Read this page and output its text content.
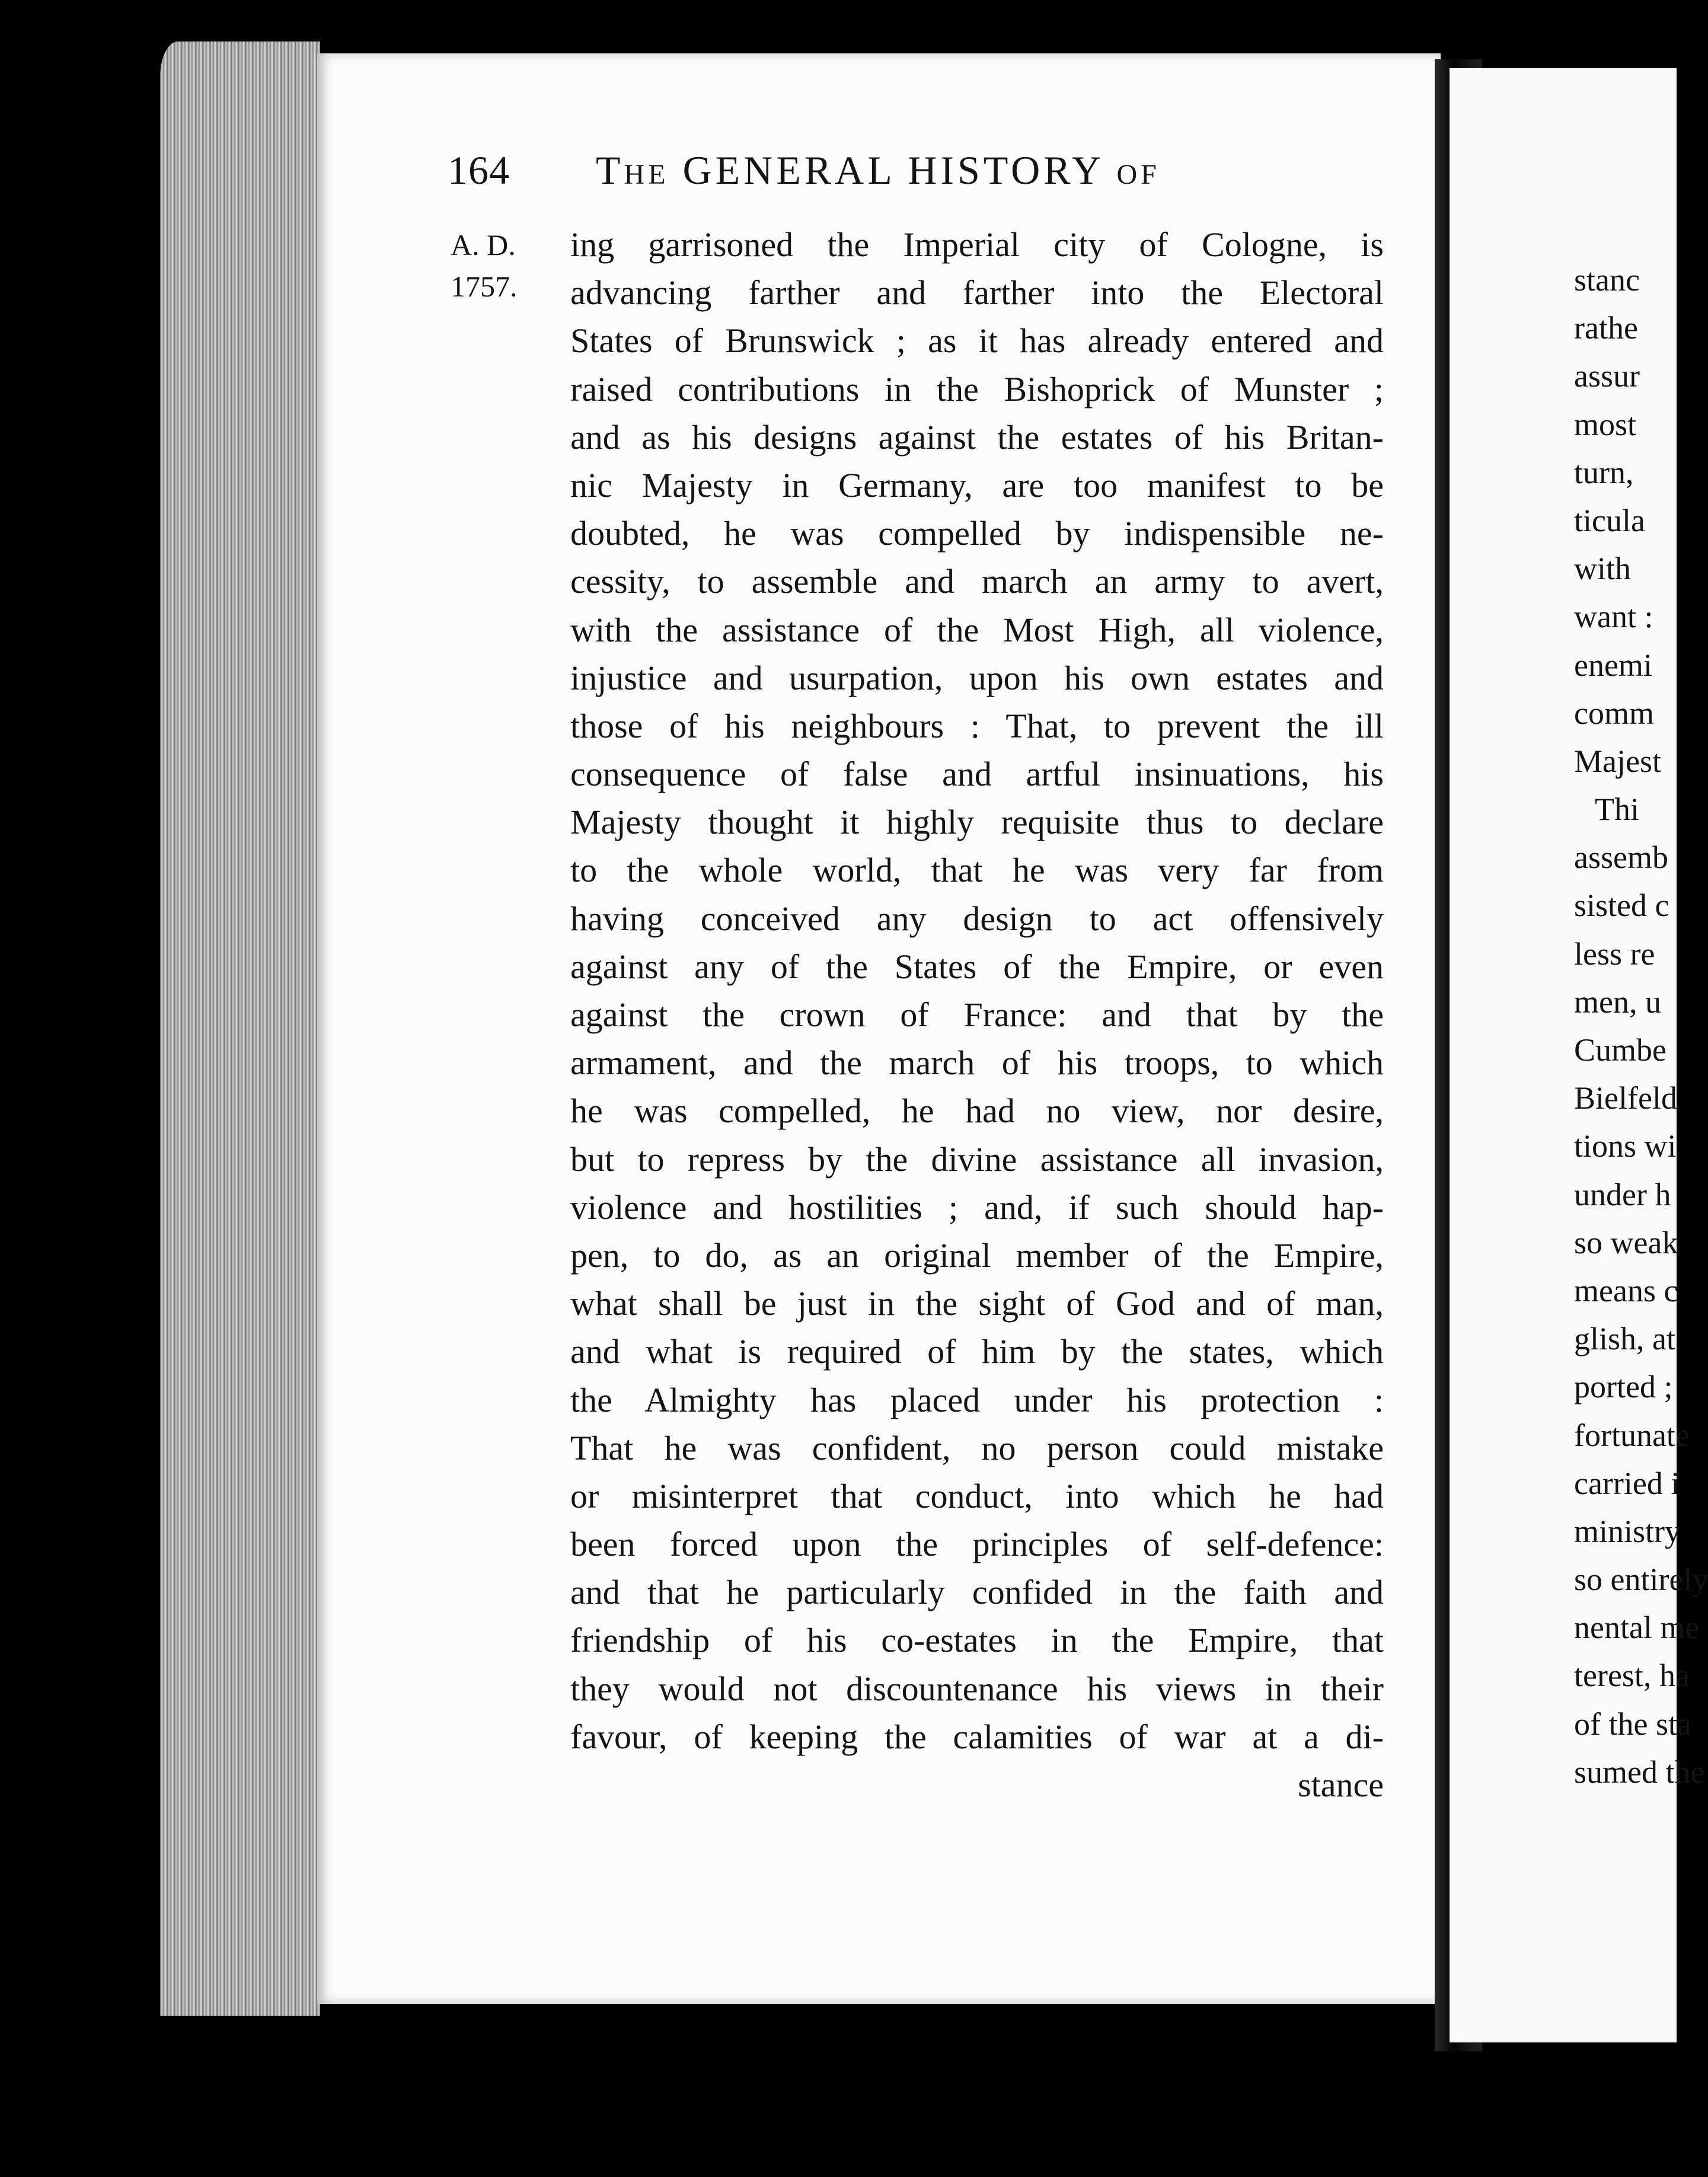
164	The GENERAL HISTORY of
A. D.
1757.
ing garrisoned the Imperial city of Cologne, is
advancing farther and farther into the Electoral
States of Brunswick ; as it has already entered and
raised contributions in the Bishoprick of Munster ;
and as his designs against the estates of his Britan-
nic Majesty in Germany, are too manifest to be
doubted, he was compelled by indispensible ne-
cessity, to assemble and march an army to avert,
with the assistance of the Most High, all violence,
injustice and usurpation, upon his own estates and
those of his neighbours : That, to prevent the ill
consequence of false and artful insinuations, his
Majesty thought it highly requisite thus to declare
to the whole world, that he was very far from
having conceived any design to act offensively
against any of the States of the Empire, or even
against the crown of France: and that by the
armament, and the march of his troops, to which
he was compelled, he had no view, nor desire,
but to repress by the divine assistance all invasion,
violence and hostilities ; and, if such should hap-
pen, to do, as an original member of the Empire,
what shall be just in the sight of God and of man,
and what is required of him by the states, which
the Almighty has placed under his protection :
That he was confident, no person could mistake
or misinterpret that conduct, into which he had
been forced upon the principles of self-defence:
and that he particularly confided in the faith and
friendship of his co-estates in the Empire, that
they would not discountenance his views in their
favour, of keeping the calamities of war at a di-
stance
stanc
rathe
assur
most
turn,
ticula
with
want :
enemi
comm
Majest
Thi
assemb
sisted c
less re
men, u
Cumbe
Bielfeld
tions wi
under h
so weak
means c
glish, at
ported ;
fortunate
carried i
ministry
so entirely
nental me
terest, ha
of the sta
sumed the
